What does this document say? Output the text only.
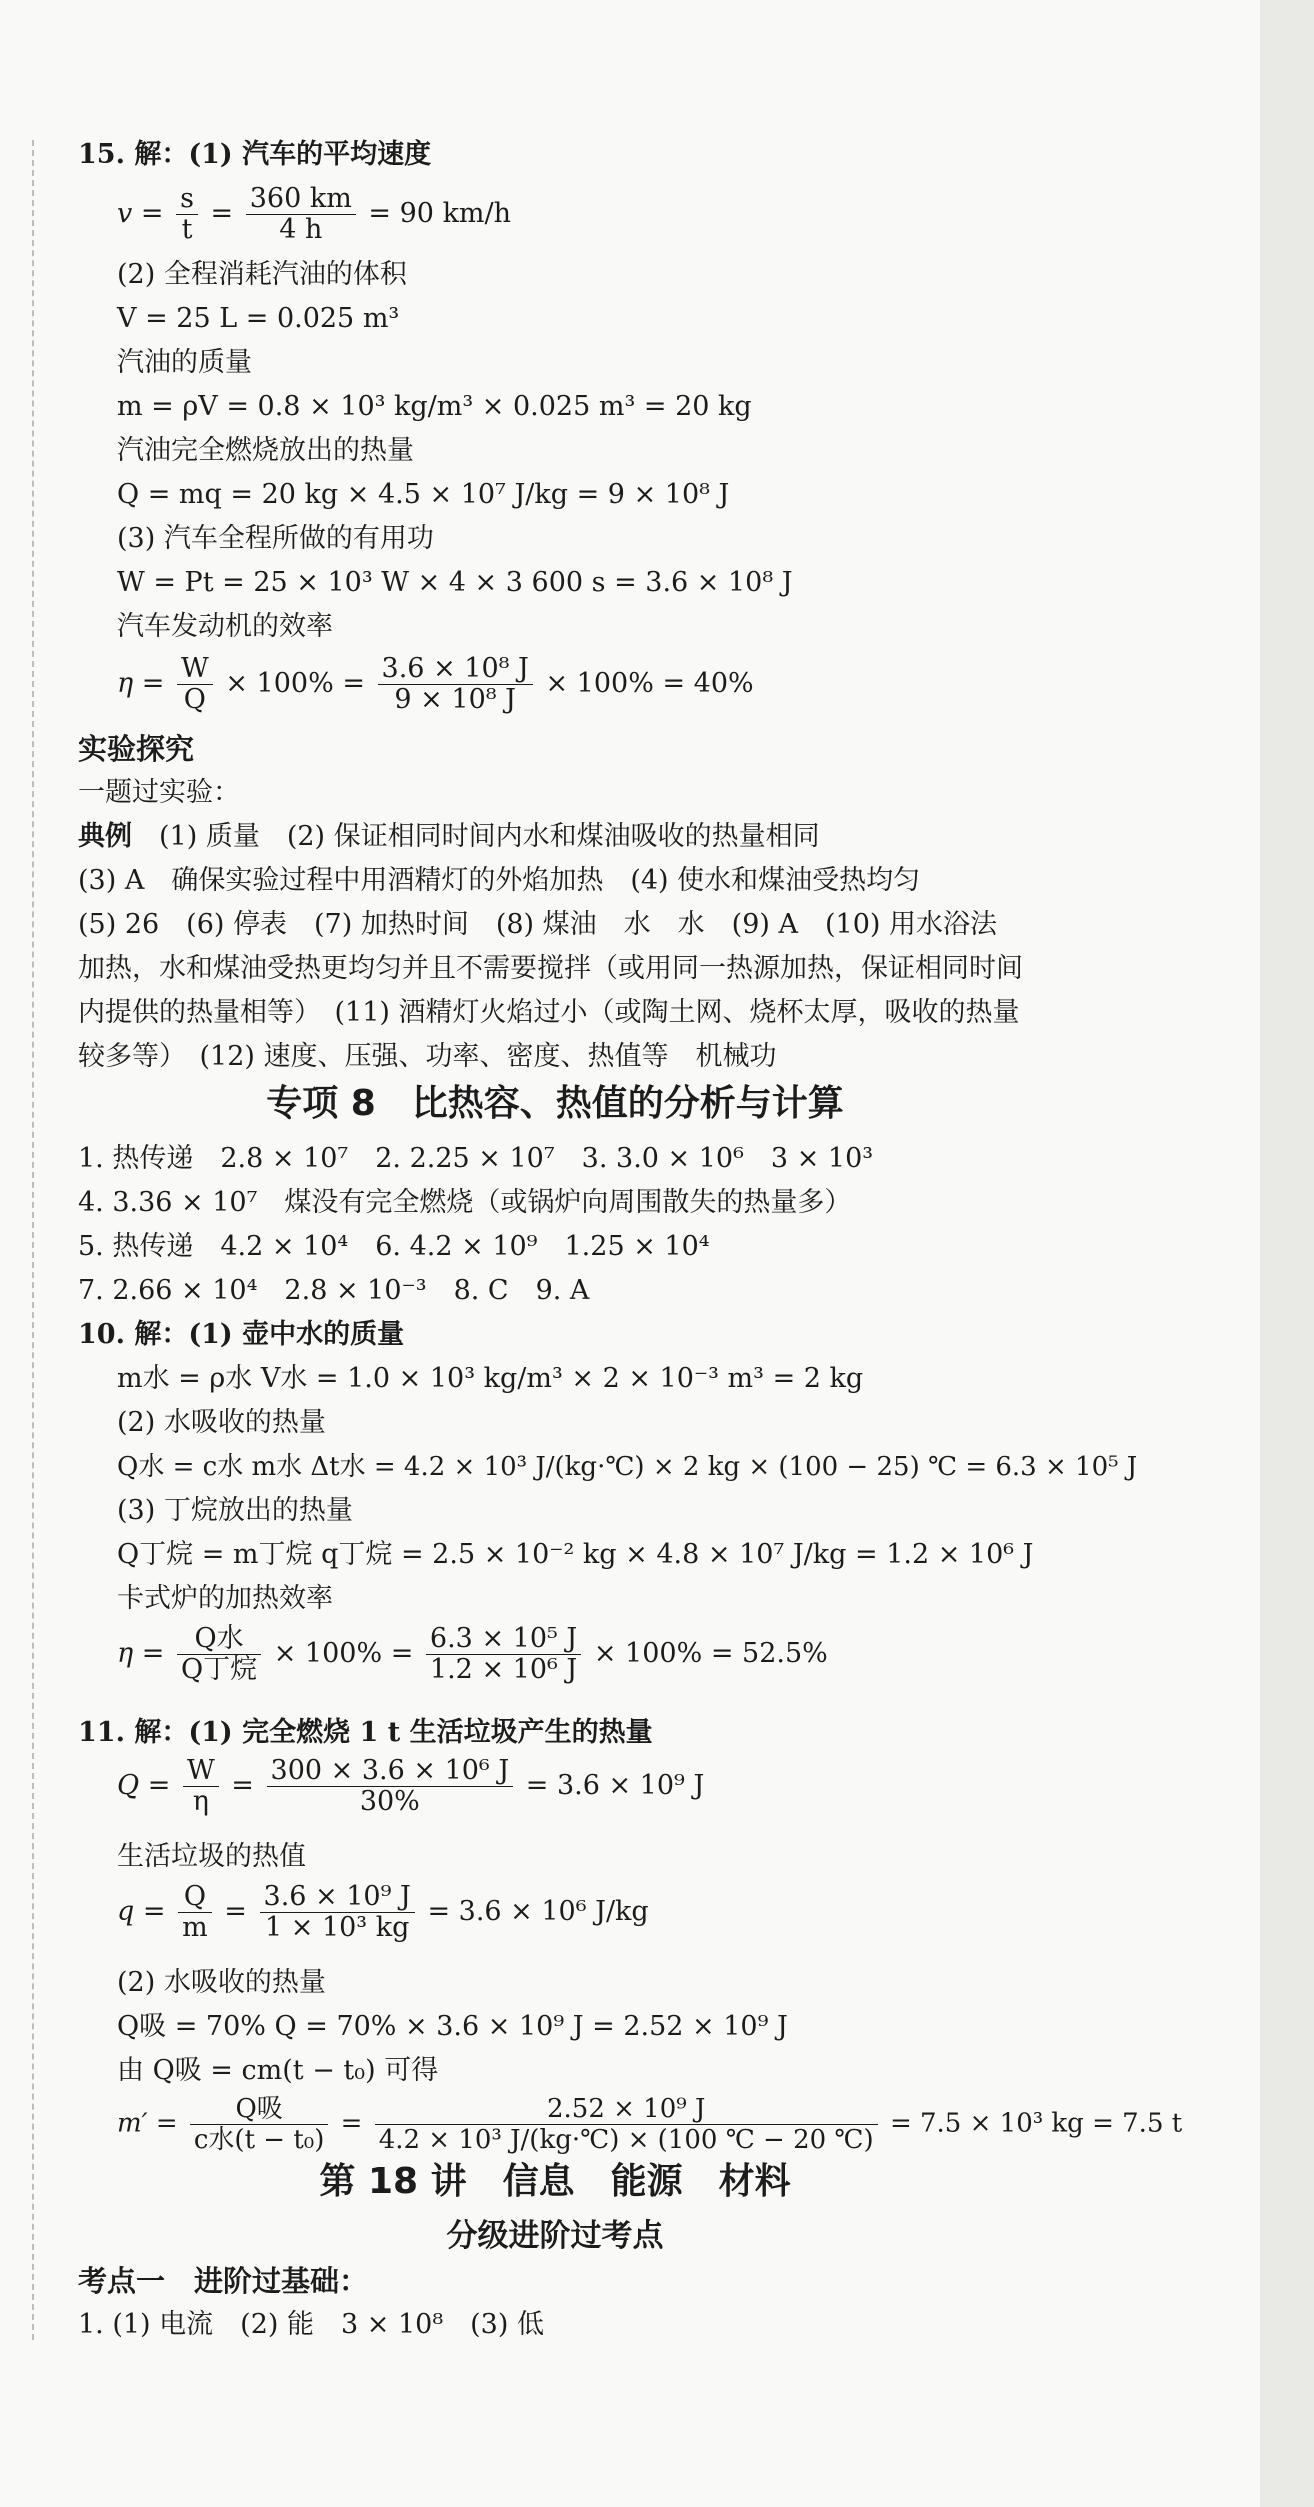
15. 解：(1) 汽车的平均速度
$v = \frac{s}{t} = \frac{360 km}{4 h} = 90$ km/h
(2) 全程消耗汽油的体积
V = 25 L = 0.025 m³
汽油的质量
m = ρV = 0.8 × 10³ kg/m³ × 0.025 m³ = 20 kg
汽油完全燃烧放出的热量
Q = mq = 20 kg × 4.5 × 10⁷ J/kg = 9 × 10⁸ J
(3) 汽车全程所做的有用功
W = Pt = 25 × 10³ W × 4 × 3 600 s = 3.6 × 10⁸ J
汽车发动机的效率
$\eta = \frac{W}{Q} \times 100\% = \frac{\text{3.6 × 10⁸ J}}{\text{9 × 10⁸ J}} \times 100\% = 40\%$
实验探究
一题过实验：
典例　 (1) 质量　(2) 保证相同时间内水和煤油吸收的热量相同
(3) A　确保实验过程中用酒精灯的外焰加热　(4) 使水和煤油受热均匀
(5) 26　(6) 停表　(7) 加热时间　(8) 煤油　水　水　(9) A　(10) 用水浴法
加热，水和煤油受热更均匀并且不需要搅拌（或用同一热源加热，保证相同时间
内提供的热量相等）　(11) 酒精灯火焰过小（或陶土网、烧杯太厚，吸收的热量
较多等）　(12) 速度、压强、功率、密度、热值等　机械功
专项 8　比热容、热值的分析与计算
1. 热传递　2.8 × 10⁷　2. 2.25 × 10⁷　3. 3.0 × 10⁶　3 × 10³
4. 3.36 × 10⁷　煤没有完全燃烧（或锅炉向周围散失的热量多）
5. 热传递　4.2 × 10⁴　6. 4.2 × 10⁹　1.25 × 10⁴
7. 2.66 × 10⁴　2.8 × 10⁻³　8. C　9. A
10. 解：(1) 壶中水的质量
m水 = ρ水 V水 = 1.0 × 10³ kg/m³ × 2 × 10⁻³ m³ = 2 kg
(2) 水吸收的热量
Q水 = c水 m水 Δt水 = 4.2 × 10³ J/(kg·℃) × 2 kg × (100 − 25) ℃ = 6.3 × 10⁵ J
(3) 丁烷放出的热量
Q丁烷 = m丁烷 q丁烷 = 2.5 × 10⁻² kg × 4.8 × 10⁷ J/kg = 1.2 × 10⁶ J
卡式炉的加热效率
$\eta = \frac{\text{Q水}}{\text{Q丁烷}} \times 100\% = \frac{\text{6.3 × 10⁵ J}}{\text{1.2 × 10⁶ J}} \times 100\% = 52.5\%$
11. 解：(1) 完全燃烧 1 t 生活垃圾产生的热量
$Q = \frac{W}{\eta} = \frac{\text{300 × 3.6 × 10⁶ J}}{30\%} = 3.6 \times 10^9$ J
生活垃圾的热值
$q = \frac{Q}{m} = \frac{\text{3.6 × 10⁹ J}}{\text{1 × 10³ kg}} = 3.6 \times 10^6$ J/kg
(2) 水吸收的热量
Q吸 = 70% Q = 70% × 3.6 × 10⁹ J = 2.52 × 10⁹ J
由 Q吸 = cm(t − t₀) 可得
$m' = \frac{\text{Q吸}}{\text{c水(t − t₀)}} = \frac{\text{2.52 × 10⁹ J}}{\text{4.2 × 10³ J/(kg·℃) × (100 ℃ − 20 ℃)}} = 7.5 \times 10^3$ kg = 7.5 t
第 18 讲　信息　能源　材料
分级进阶过考点
考点一　进阶过基础：
1. (1) 电流　(2) 能　3 × 10⁸　(3) 低
